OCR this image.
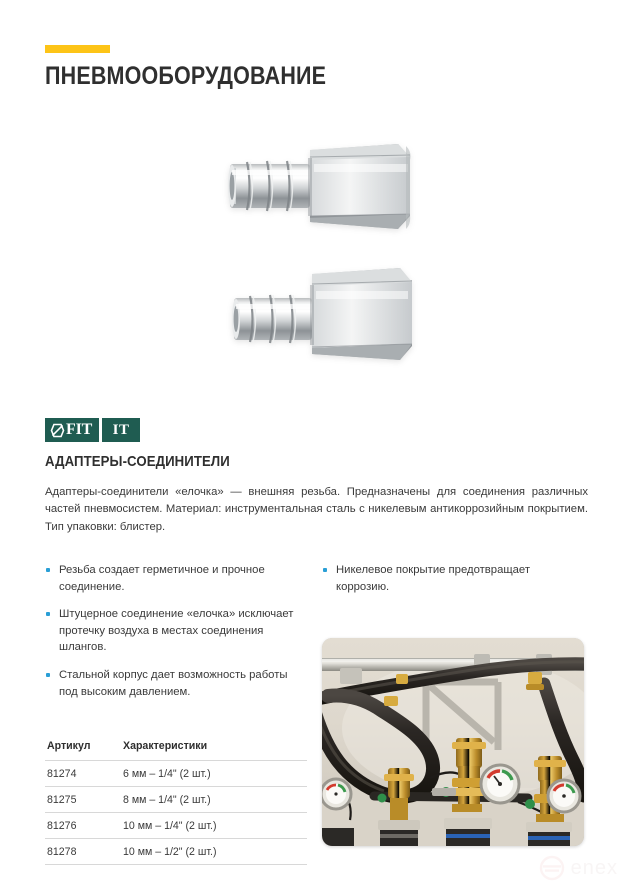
ПНЕВМООБОРУДОВАНИЕ
FIT	IT
АДАПТЕРЫ-СОЕДИНИТЕЛИ
Адаптеры-соединители «елочка» — внешняя резьба. Предназначены для соединения различных частей пневмосистем. Материал: инструментальная сталь с никелевым антикоррозийным покрытием. Тип упаковки: блистер.
Резьба создает герметичное и прочное соединение.
Штуцерное соединение «елочка» исключает протечку воздуха в местах соединения шлангов.
Стальной корпус дает возможность работы под высоким давлением.
Никелевое покрытие предотвращает коррозию.
Артикул	Характеристики
81274	6 мм – 1/4" (2 шт.)
81275	8 мм – 1/4" (2 шт.)
81276	10 мм – 1/4" (2 шт.)
81278	10 мм – 1/2" (2 шт.)
enex
